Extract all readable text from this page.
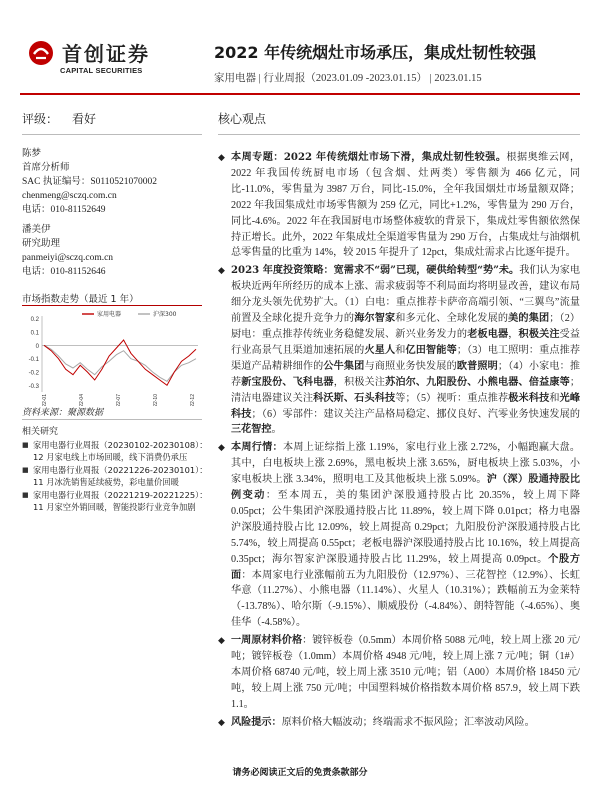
首创证券
CAPITAL SECURITIES
2022 年传统烟灶市场承压，集成灶韧性较强
家用电器 | 行业周报（2023.01.09 -2023.01.15） | 2023.01.15
评级： 看好
陈梦
首席分析师
SAC 执证编号：S0110521070002
chenmeng@sczq.com.cn
电话：010-81152649
潘美伊
研究助理
panmeiyi@sczq.com.cn
电话：010-81152646
市场指数走势（最近 1 年）
0.2
0.1
0
-0.1
-0.2
-0.3
2022-01	2022-04	2022-07	2022-10	2022-12
家用电器	沪深300
资料来源：聚源数据
相关研究
■ 家用电器行业周报（20230102-20230108）：12 月家电线上市场回暖，线下消费仍承压
■ 家用电器行业周报（20221226-20230101）：11 月冰洗销售延续疲势，彩电量价回暖
■ 家用电器行业周报（20221219-20221225）：11 月家空外销回暖，智能投影行业竞争加剧
核心观点
◆ 本周专题：2022 年传统烟灶市场下滑，集成灶韧性较强。根据奥维云网，2022 年我国传统厨电市场（包含烟、灶两类）零售额为 466 亿元，同比-11.0%，零售量为 3987 万台，同比-15.0%，全年我国烟灶市场量额双降；2022 年我国集成灶市场零售额为 259 亿元，同比+1.2%，零售量为 290 万台，同比-4.6%。2022 年在我国厨电市场整体疲软的背景下，集成灶零售额依然保持正增长。此外，2022 年集成灶全渠道零售量为 290 万台，占集成灶与油烟机总零售量的比重为 14%，较 2015 年提升了 12pct，集成灶需求占比逐年提升。
◆ 2023 年度投资策略：宽需求不“弱”已现，硬供给转型“势”未。我们认为家电板块近两年所经历的成本上涨、需求疲弱等不利局面均将明显改善，建议布局细分龙头领先优势扩大。（1）白电：重点推荐卡萨帝高端引领、“三翼鸟”流量前置及全球化提升竞争力的海尔智家和多元化、全球化发展的美的集团；（2）厨电：重点推荐传统业务稳健发展、新兴业务发力的老板电器，积极关注受益行业高景气且渠道加速拓展的火星人和亿田智能等；（3）电工照明：重点推荐渠道产品精耕细作的公牛集团与商照业务快发展的欧普照明；（4）小家电：推荐新宝股份、飞科电器，积极关注苏泊尔、九阳股份、小熊电器、倍益康等；清洁电器建议关注科沃斯、石头科技等；（5）视听：重点推荐极米科技和光峰科技；（6）零部件：建议关注产品格局稳定、挪仪良好、汽零业务快速发展的三花智控。
◆ 本周行情：本周上证综指上涨 1.19%，家电行业上涨 2.72%，小幅跑赢大盘。其中，白电板块上涨 2.69%，黑电板块上涨 3.65%，厨电板块上涨 5.03%，小家电板块上涨 3.34%，照明电工及其他板块上涨 5.09%。沪（深）股通持股比例变动：至本周五，美的集团沪深股通持股占比 20.35%，较上周下降 0.05pct；公牛集团沪深股通持股占比 11.89%，较上周下降 0.01pct；格力电器沪深股通持股占比 12.09%，较上周提高 0.29pct；九阳股份沪深股通持股占比 5.74%，较上周提高 0.55pct；老板电器沪深股通持股占比 10.16%，较上周提高 0.35pct；海尔智家沪深股通持股占比 11.29%，较上周提高 0.09pct。个股方面：本周家电行业涨幅前五为九阳股份（12.97%）、三花智控（12.9%）、长虹华意（11.27%）、小熊电器（11.14%）、火星人（10.31%）；跌幅前五为金莱特（-13.78%）、哈尔斯（-9.15%）、顺威股份（-4.84%）、朗特智能（-4.65%）、奥佳华（-4.58%）。
◆ 一周原材料价格：镀锌板卷（0.5mm）本周价格 5088 元/吨，较上周上涨 20 元/吨；镀锌板卷（1.0mm）本周价格 4948 元/吨，较上周上涨 7 元/吨；铜（1#）本周价格 68740 元/吨，较上周上涨 3510 元/吨；铝（A00）本周价格 18450 元/吨，较上周上涨 750 元/吨；中国塑料城价格指数本周价格 857.9，较上周下跌 1.1。
◆ 风险提示：原料价格大幅波动；终端需求不振风险；汇率波动风险。
请务必阅读正文后的免责条款部分
